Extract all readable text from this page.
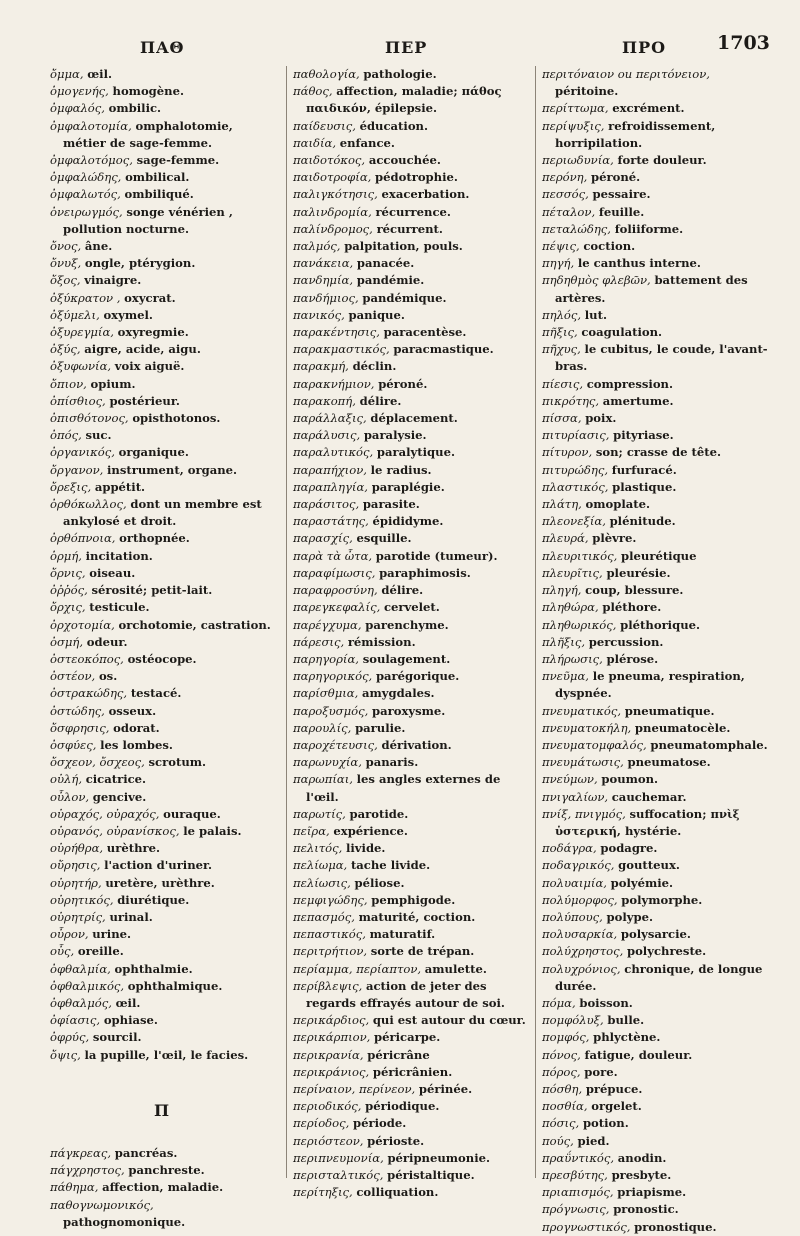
ΠΑΘ	ΠΕΡ	ΠΡΟ	1703
ὄμμα, œil.
ὁμογενής, homogène.
ὀμφαλός, ombilic.
ὀμφαλοτομία, omphalotomie, métier de sage-femme.
ὀμφαλοτόμος, sage-femme.
ὀμφαλώδης, ombilical.
ὀμφαλωτός, ombiliqué.
ὀνειρωγμός, songe vénérien , pollution nocturne.
ὄνος, âne.
ὄνυξ, ongle, ptérygion.
ὄξος, vinaigre.
ὀξύκρατον , oxycrat.
ὀξύμελι, oxymel.
ὀξυρεγμία, oxyregmie.
ὀξύς, aigre, acide, aigu.
ὀξυφωνία, voix aiguë.
ὄπιον, opium.
ὀπίσθιος, postérieur.
ὀπισθότονος, opisthotonos.
ὀπός, suc.
ὀργανικός, organique.
ὄργανον, instrument, organe.
ὄρεξις, appétit.
ὀρθόκωλλος, dont un membre est ankylosé et droit.
ὀρθόπνοια, orthopnée.
ὁρμή, incitation.
ὄρνις, oiseau.
ὀῤῥός, sérosité; petit-lait.
ὄρχις, testicule.
ὀρχοτομία, orchotomie, castration.
ὀσμή, odeur.
ὀστεοκόπος, ostéocope.
ὀστέον, os.
ὀστρακώδης, testacé.
ὀστώδης, osseux.
ὄσφρησις, odorat.
ὀσφύες, les lombes.
ὄσχεον, ὄσχεος, scrotum.
οὐλή, cicatrice.
οὖλον, gencive.
οὐραχός, οὐραχός, ouraque.
οὐρανός, οὐρανίσκος, le palais.
οὐρήθρα, urèthre.
οὔρησις, l'action d'uriner.
οὐρητήρ, uretère, urèthre.
οὐρητικός, diurétique.
οὐρητρίς, urinal.
οὖρον, urine.
οὖς, oreille.
ὀφθαλμία, ophthalmie.
ὀφθαλμικός, ophthalmique.
ὀφθαλμός, œil.
ὀφίασις, ophiase.
ὀφρύς, sourcil.
ὄψις, la pupille, l'œil, le facies.
Π
πάγκρεας, pancréas.
πάγχρηστος, panchreste.
πάθημα, affection, maladie.
παθογνωμονικός, pathognomonique.
παθολογία, pathologie.
πάθος, affection, maladie; πάθος παιδικόν, épilepsie.
παίδευσις, éducation.
παιδία, enfance.
παιδοτόκος, accouchée.
παιδοτροφία, pédotrophie.
παλιγκότησις, exacerbation.
παλινδρομία, récurrence.
παλίνδρομος, récurrent.
παλμός, palpitation, pouls.
πανάκεια, panacée.
πανδημία, pandémie.
πανδήμιος, pandémique.
πανικός, panique.
παρακέντησις, paracentèse.
παρακμαστικός, paracmastique.
παρακμή, déclin.
παρακνήμιον, péroné.
παρακοπή, délire.
παράλλαξις, déplacement.
παράλυσις, paralysie.
παραλυτικός, paralytique.
παραπήχιον, le radius.
παραπληγία, paraplégie.
παράσιτος, parasite.
παραστάτης, épididyme.
παρασχίς, esquille.
παρὰ τὰ ὦτα, parotide (tumeur).
παραφίμωσις, paraphimosis.
παραφροσύνη, délire.
παρεγκεφαλίς, cervelet.
παρέγχυμα, parenchyme.
πάρεσις, rémission.
παρηγορία, soulagement.
παρηγορικός, parégorique.
παρίσθμια, amygdales.
παροξυσμός, paroxysme.
παρουλίς, parulie.
παροχέτευσις, dérivation.
παρωνυχία, panaris.
παρωπίαι, les angles externes de l'œil.
παρωτίς, parotide.
πεῖρα, expérience.
πελιτός, livide.
πελίωμα, tache livide.
πελίωσις, péliose.
πεμφιγώδης, pemphigode.
πεπασμός, maturité, coction.
πεπαστικός, maturatif.
περιτρήτιον, sorte de trépan.
περίαμμα, περίαπτον, amulette.
περίβλεψις, action de jeter des regards effrayés autour de soi.
περικάρδιος, qui est autour du cœur.
περικάρπιον, péricarpe.
περικρανία, péricrâne
περικράνιος, péricrânien.
περίναιον, περίνεον, périnée.
περιοδικός, périodique.
περίοδος, période.
περιόστεον, périoste.
περιπνευμονία, péripneumonie.
περισταλτικός, péristaltique.
περίτηξις, colliquation.
περιτόναιον ou περιτόνειον, péritoine.
περίττωμα, excrément.
περίψυξις, refroidissement, horripilation.
περιωδυνία, forte douleur.
περόνη, péroné.
πεσσός, pessaire.
πέταλον, feuille.
πεταλώδης, foliiforme.
πέψις, coction.
πηγή, le canthus interne.
πηδηθμὸς φλεβῶν, battement des artères.
πηλός, lut.
πῆξις, coagulation.
πῆχυς, le cubitus, le coude, l'avant-bras.
πίεσις, compression.
πικρότης, amertume.
πίσσα, poix.
πιτυρίασις, pityriase.
πίτυρον, son; crasse de tête.
πιτυρώδης, furfuracé.
πλαστικός, plastique.
πλάτη, omoplate.
πλεονεξία, plénitude.
πλευρά, plèvre.
πλευριτικός, pleurétique
πλευρῖτις, pleurésie.
πληγή, coup, blessure.
πληθώρα, pléthore.
πληθωρικός, pléthorique.
πλῆξις, percussion.
πλήρωσις, plérose.
πνεῦμα, le pneuma, respiration, dyspnée.
πνευματικός, pneumatique.
πνευματοκήλη, pneumatocèle.
πνευματομφαλός, pneumatomphale.
πνευμάτωσις, pneumatose.
πνεύμων, poumon.
πνιγαλίων, cauchemar.
πνίξ, πνιγμός, suffocation; πνὶξ ὑστερική, hystérie.
ποδάγρα, podagre.
ποδαγρικός, goutteux.
πολυαιμία, polyémie.
πολύμορφος, polymorphe.
πολύπους, polype.
πολυσαρκία, polysarcie.
πολύχρηστος, polychreste.
πολυχρόνιος, chronique, de longue durée.
πόμα, boisson.
πομφόλυξ, bulle.
πομφός, phlyctène.
πόνος, fatigue, douleur.
πόρος, pore.
πόσθη, prépuce.
ποσθία, orgelet.
πόσις, potion.
πούς, pied.
πραΰντικός, anodin.
πρεσβύτης, presbyte.
πριαπισμός, priapisme.
πρόγνωσις, pronostic.
προγνωστικός, pronostique.
